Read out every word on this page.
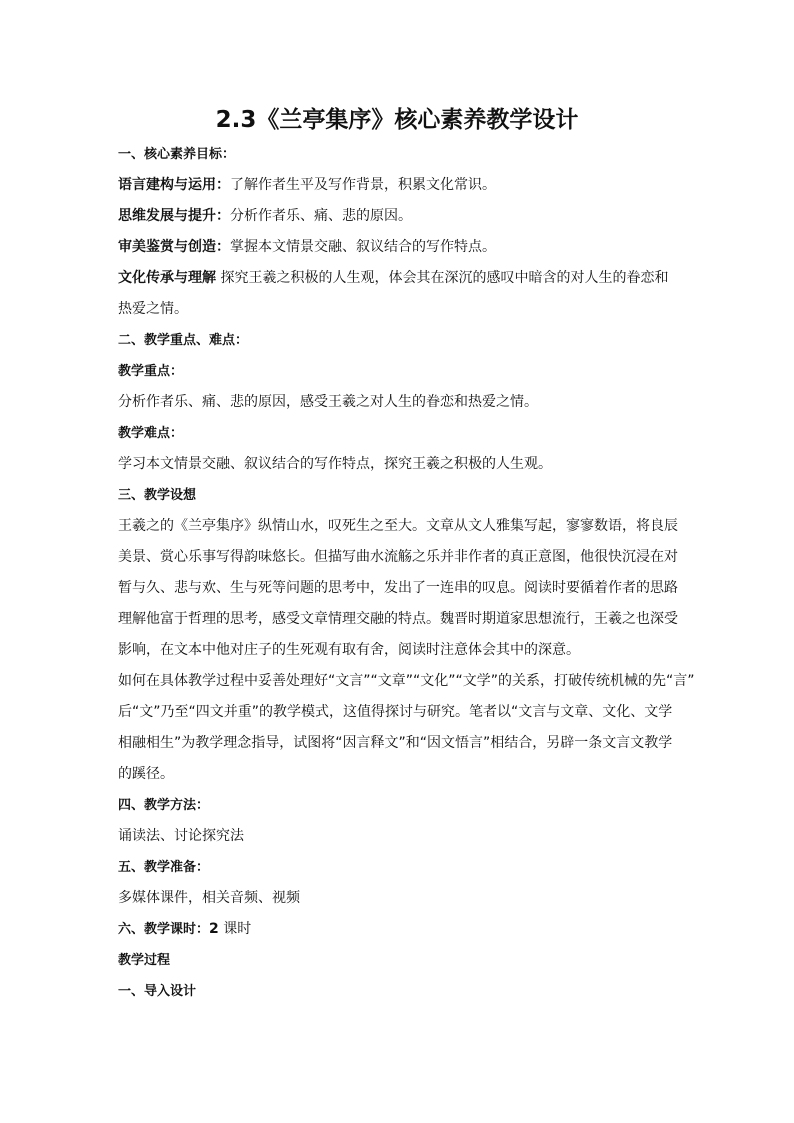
2.3《兰亭集序》核心素养教学设计
一、核心素养目标：
语言建构与运用：了解作者生平及写作背景，积累文化常识。
思维发展与提升：分析作者乐、痛、悲的原因。
审美鉴赏与创造：掌握本文情景交融、叙议结合的写作特点。
文化传承与理解 探究王羲之积极的人生观，体会其在深沉的感叹中暗含的对人生的眷恋和
热爱之情。
二、教学重点、难点：
教学重点：
分析作者乐、痛、悲的原因，感受王羲之对人生的眷恋和热爱之情。
教学难点：
学习本文情景交融、叙议结合的写作特点，探究王羲之积极的人生观。
三、教学设想
王羲之的《兰亭集序》纵情山水，叹死生之至大。文章从文人雅集写起，寥寥数语，将良辰
美景、赏心乐事写得韵味悠长。但描写曲水流觞之乐并非作者的真正意图，他很快沉浸在对
暂与久、悲与欢、生与死等问题的思考中，发出了一连串的叹息。阅读时要循着作者的思路
理解他富于哲理的思考，感受文章情理交融的特点。魏晋时期道家思想流行，王羲之也深受
影响，在文本中他对庄子的生死观有取有舍，阅读时注意体会其中的深意。
如何在具体教学过程中妥善处理好“文言”“文章”“文化”“文学”的关系，打破传统机械的先“言”
后“文”乃至“四文并重”的教学模式，这值得探讨与研究。笔者以“文言与文章、文化、文学
相融相生”为教学理念指导，试图将“因言释文”和“因文悟言”相结合，另辟一条文言文教学
的蹊径。
四、教学方法：
诵读法、讨论探究法
五、教学准备：
多媒体课件，相关音频、视频
六、教学课时：2 课时
教学过程
一、导入设计
